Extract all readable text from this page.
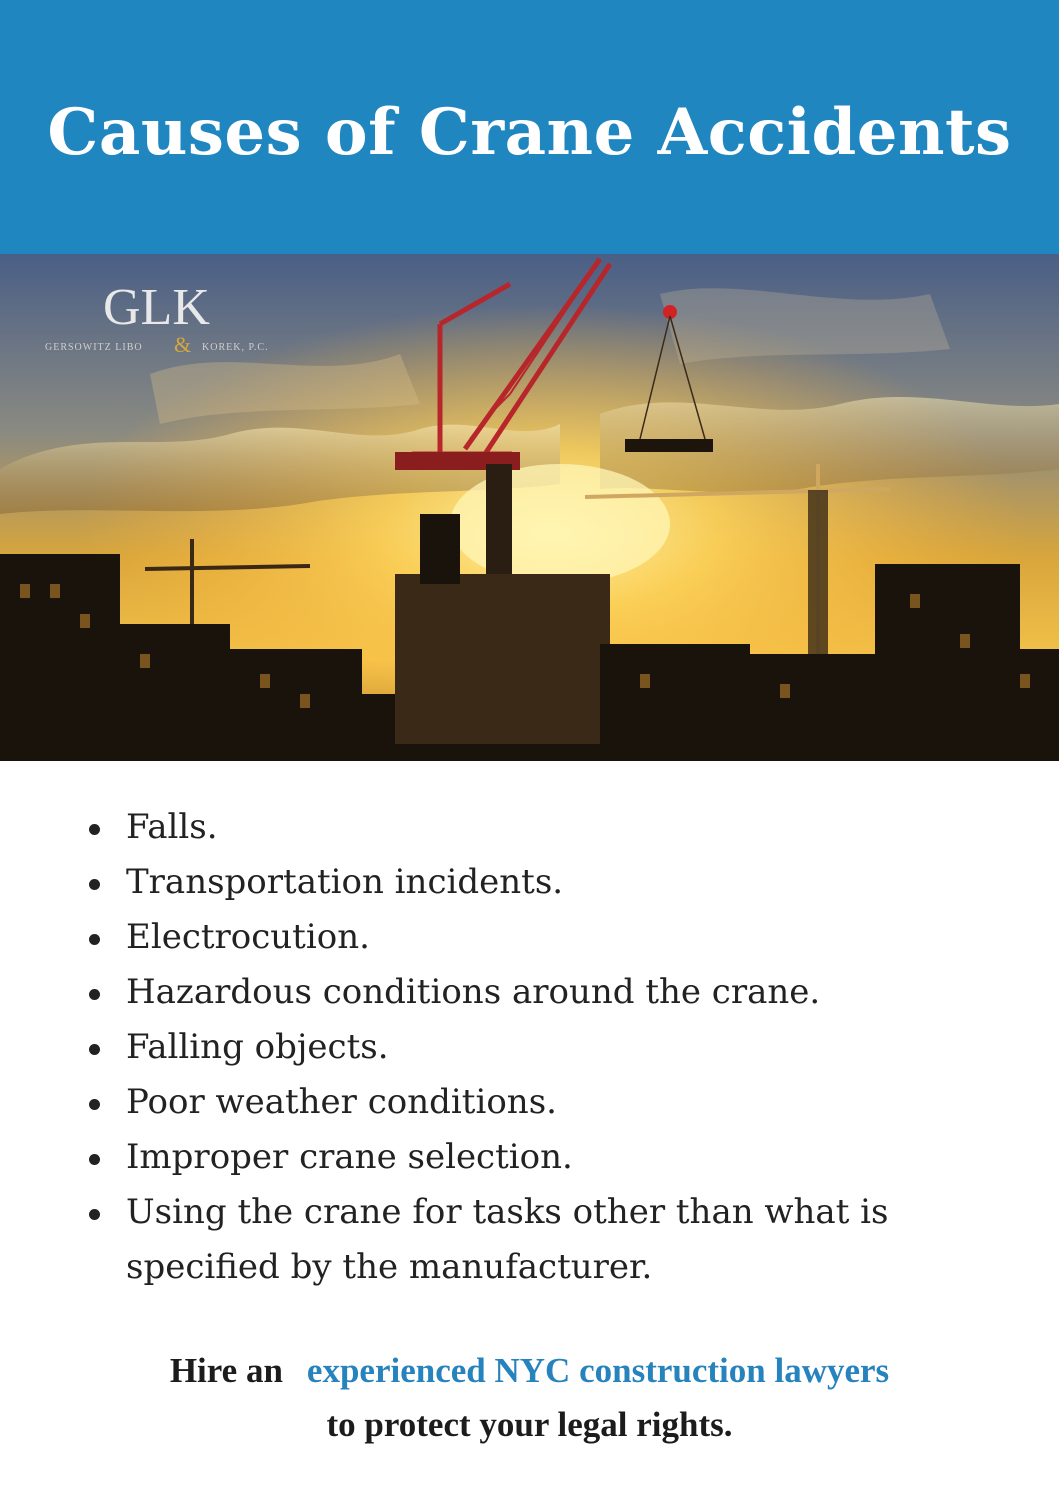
Causes of Crane Accidents
GLK
GERSOWITZ LIBO & KOREK, P.C.
Falls.
Transportation incidents.
Electrocution.
Hazardous conditions around the crane.
Falling objects.
Poor weather conditions.
Improper crane selection.
Using the crane for tasks other than what is specified by the manufacturer.
Hire an experienced NYC construction lawyers
to protect your legal rights.
